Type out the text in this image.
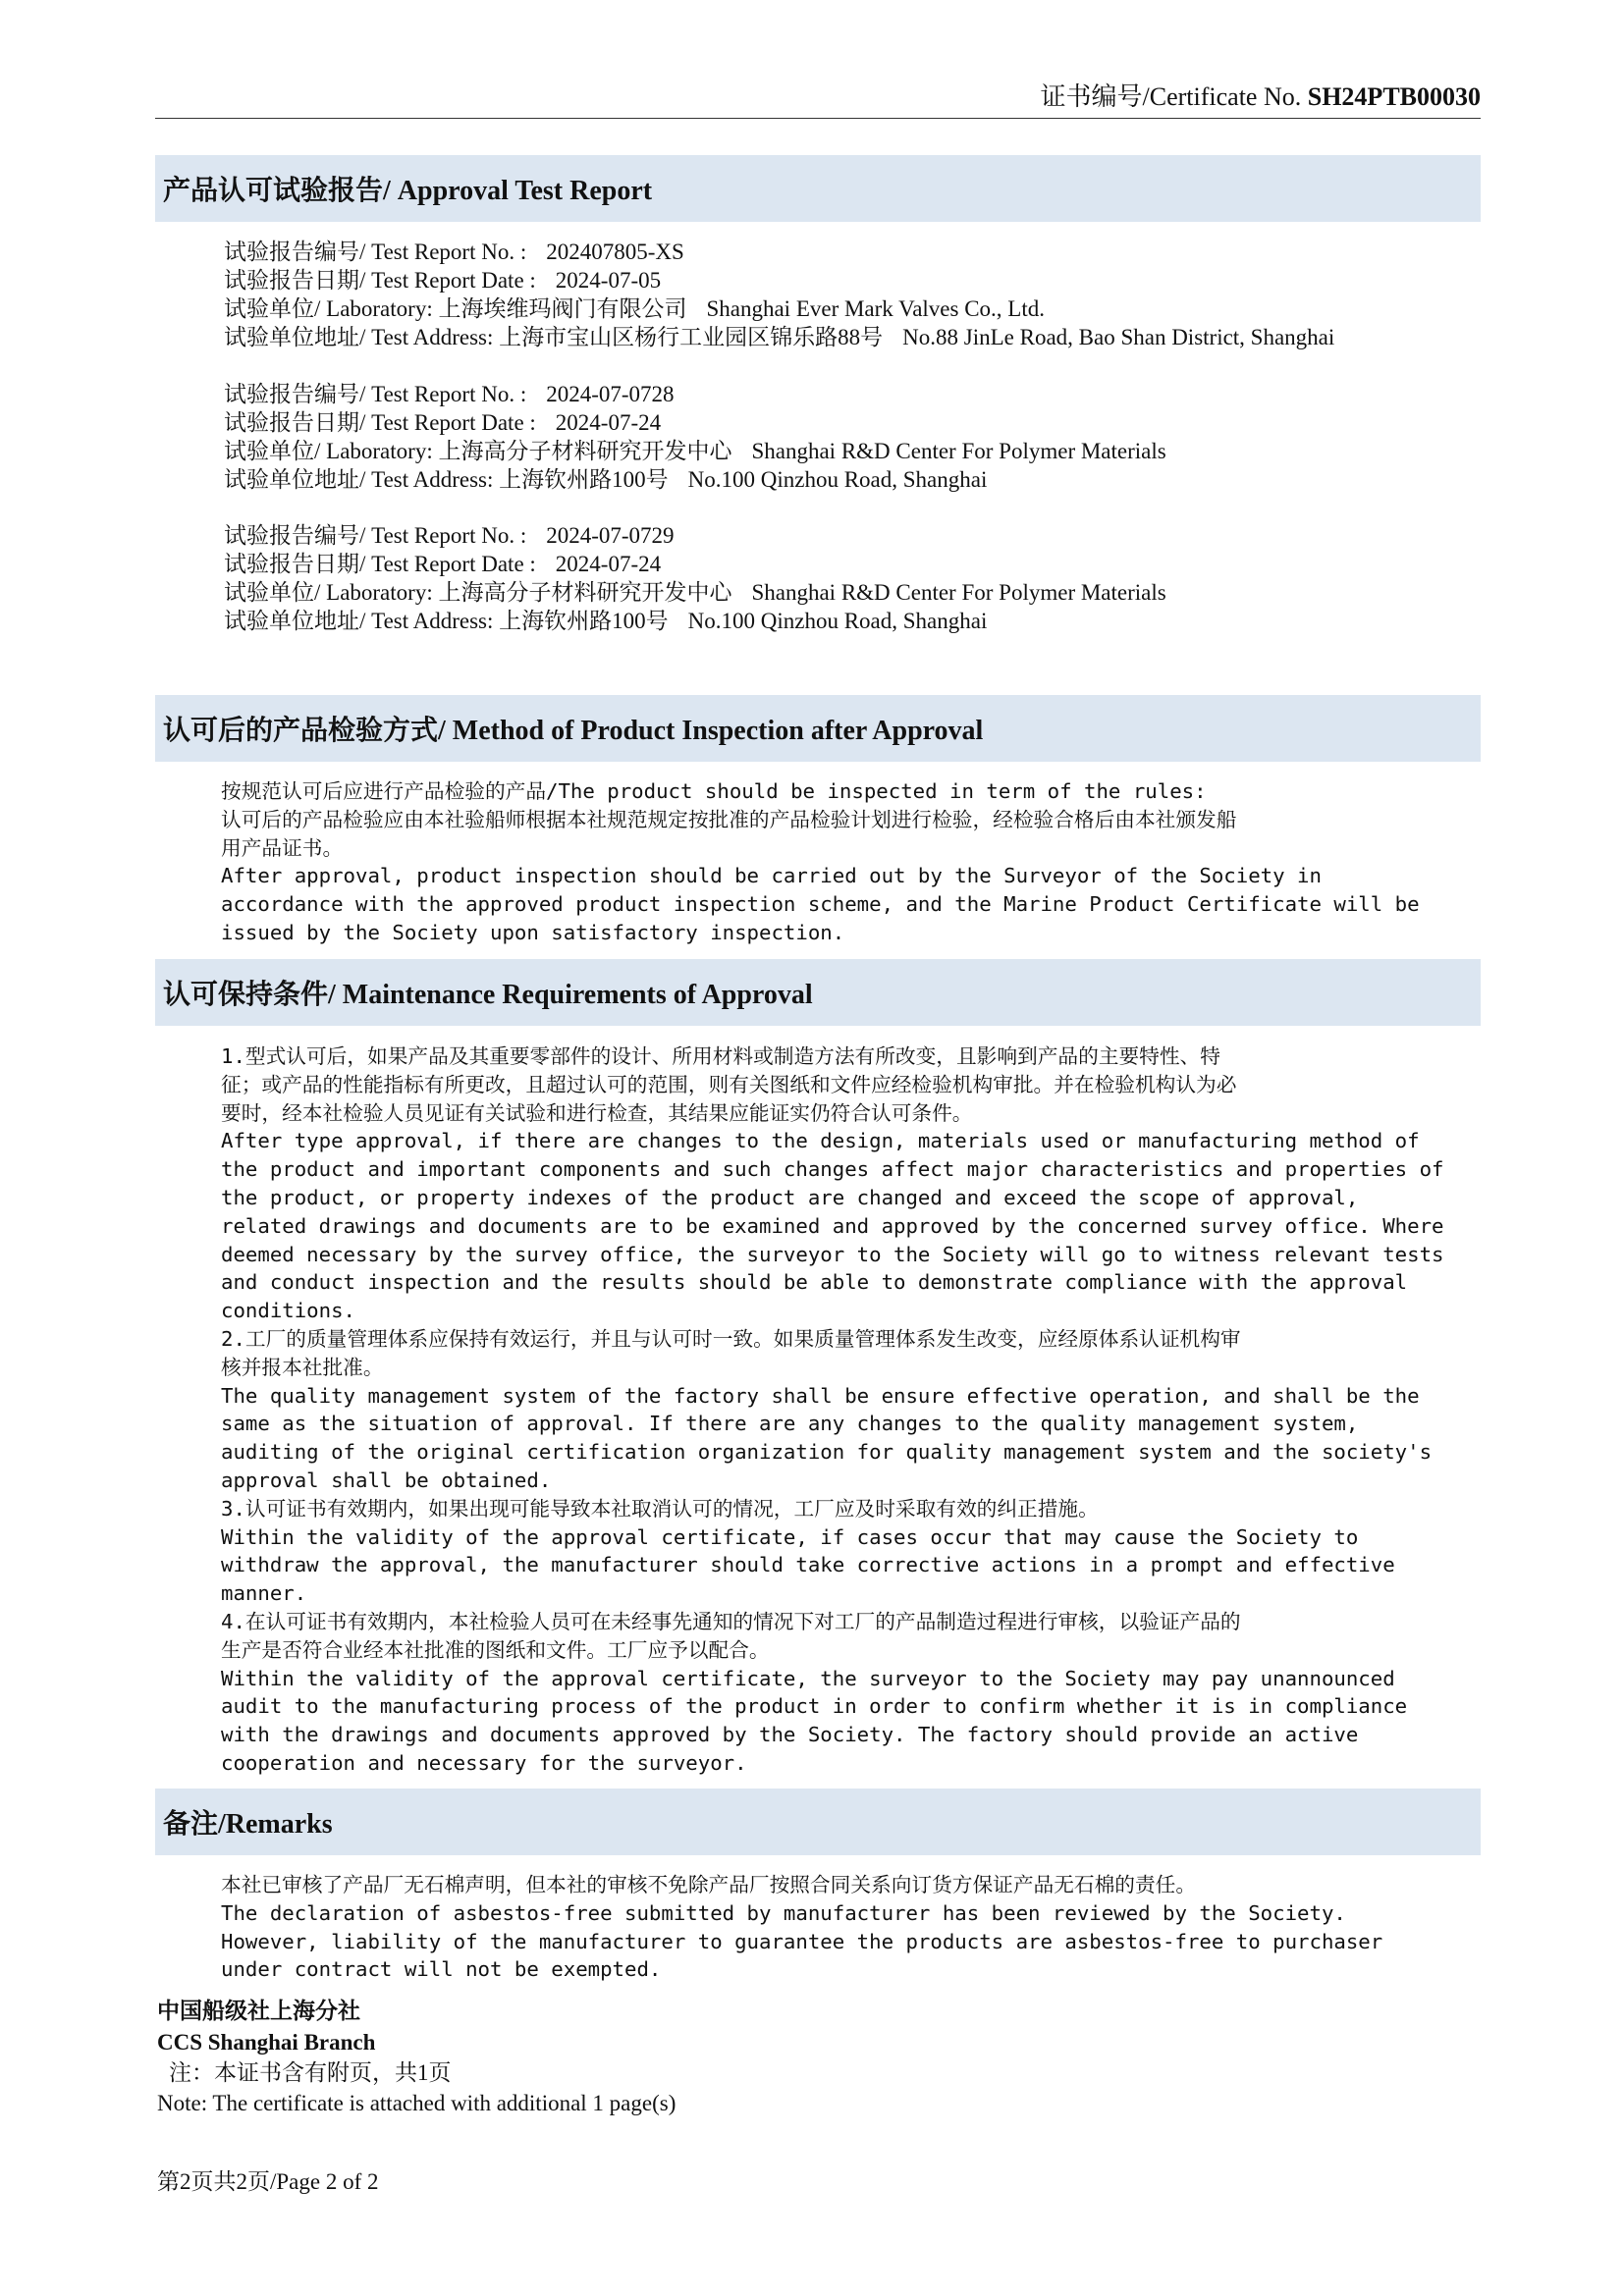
证书编号/Certificate No. SH24PTB00030
产品认可试验报告/ Approval Test Report
试验报告编号/ Test Report No. : 202407805-XS
试验报告日期/ Test Report Date : 2024-07-05
试验单位/ Laboratory: 上海埃维玛阀门有限公司 Shanghai Ever Mark Valves Co., Ltd.
试验单位地址/ Test Address: 上海市宝山区杨行工业园区锦乐路88号 No.88 JinLe Road, Bao Shan District, Shanghai
试验报告编号/ Test Report No. : 2024-07-0728
试验报告日期/ Test Report Date : 2024-07-24
试验单位/ Laboratory: 上海高分子材料研究开发中心 Shanghai R&D Center For Polymer Materials
试验单位地址/ Test Address: 上海钦州路100号 No.100 Qinzhou Road, Shanghai
试验报告编号/ Test Report No. : 2024-07-0729
试验报告日期/ Test Report Date : 2024-07-24
试验单位/ Laboratory: 上海高分子材料研究开发中心 Shanghai R&D Center For Polymer Materials
试验单位地址/ Test Address: 上海钦州路100号 No.100 Qinzhou Road, Shanghai
认可后的产品检验方式/ Method of Product Inspection after Approval
按规范认可后应进行产品检验的产品/The product should be inspected in term of the rules:
认可后的产品检验应由本社验船师根据本社规范规定按批准的产品检验计划进行检验，经检验合格后由本社颁发船
用产品证书。
After approval, product inspection should be carried out by the Surveyor of the Society in
accordance with the approved product inspection scheme, and the Marine Product Certificate will be
issued by the Society upon satisfactory inspection.
认可保持条件/ Maintenance Requirements of Approval
1.型式认可后，如果产品及其重要零部件的设计、所用材料或制造方法有所改变，且影响到产品的主要特性、特
征；或产品的性能指标有所更改，且超过认可的范围，则有关图纸和文件应经检验机构审批。并在检验机构认为必
要时，经本社检验人员见证有关试验和进行检查，其结果应能证实仍符合认可条件。
After type approval, if there are changes to the design, materials used or manufacturing method of
the product and important components and such changes affect major characteristics and properties of
the product, or property indexes of the product are changed and exceed the scope of approval,
related drawings and documents are to be examined and approved by the concerned survey office. Where
deemed necessary by the survey office, the surveyor to the Society will go to witness relevant tests
and conduct inspection and the results should be able to demonstrate compliance with the approval
conditions.
2.工厂的质量管理体系应保持有效运行，并且与认可时一致。如果质量管理体系发生改变，应经原体系认证机构审
核并报本社批准。
The quality management system of the factory shall be ensure effective operation, and shall be the
same as the situation of approval. If there are any changes to the quality management system,
auditing of the original certification organization for quality management system and the society's
approval shall be obtained.
3.认可证书有效期内，如果出现可能导致本社取消认可的情况，工厂应及时采取有效的纠正措施。
Within the validity of the approval certificate, if cases occur that may cause the Society to
withdraw the approval, the manufacturer should take corrective actions in a prompt and effective
manner.
4.在认可证书有效期内，本社检验人员可在未经事先通知的情况下对工厂的产品制造过程进行审核，以验证产品的
生产是否符合业经本社批准的图纸和文件。工厂应予以配合。
Within the validity of the approval certificate, the surveyor to the Society may pay unannounced
audit to the manufacturing process of the product in order to confirm whether it is in compliance
with the drawings and documents approved by the Society. The factory should provide an active
cooperation and necessary for the surveyor.
备注/Remarks
本社已审核了产品厂无石棉声明，但本社的审核不免除产品厂按照合同关系向订货方保证产品无石棉的责任。
The declaration of asbestos-free submitted by manufacturer has been reviewed by the Society.
However, liability of the manufacturer to guarantee the products are asbestos-free to purchaser
under contract will not be exempted.
中国船级社上海分社
CCS Shanghai Branch
注：本证书含有附页，共1页
Note: The certificate is attached with additional 1 page(s)
第2页共2页/Page 2 of 2
